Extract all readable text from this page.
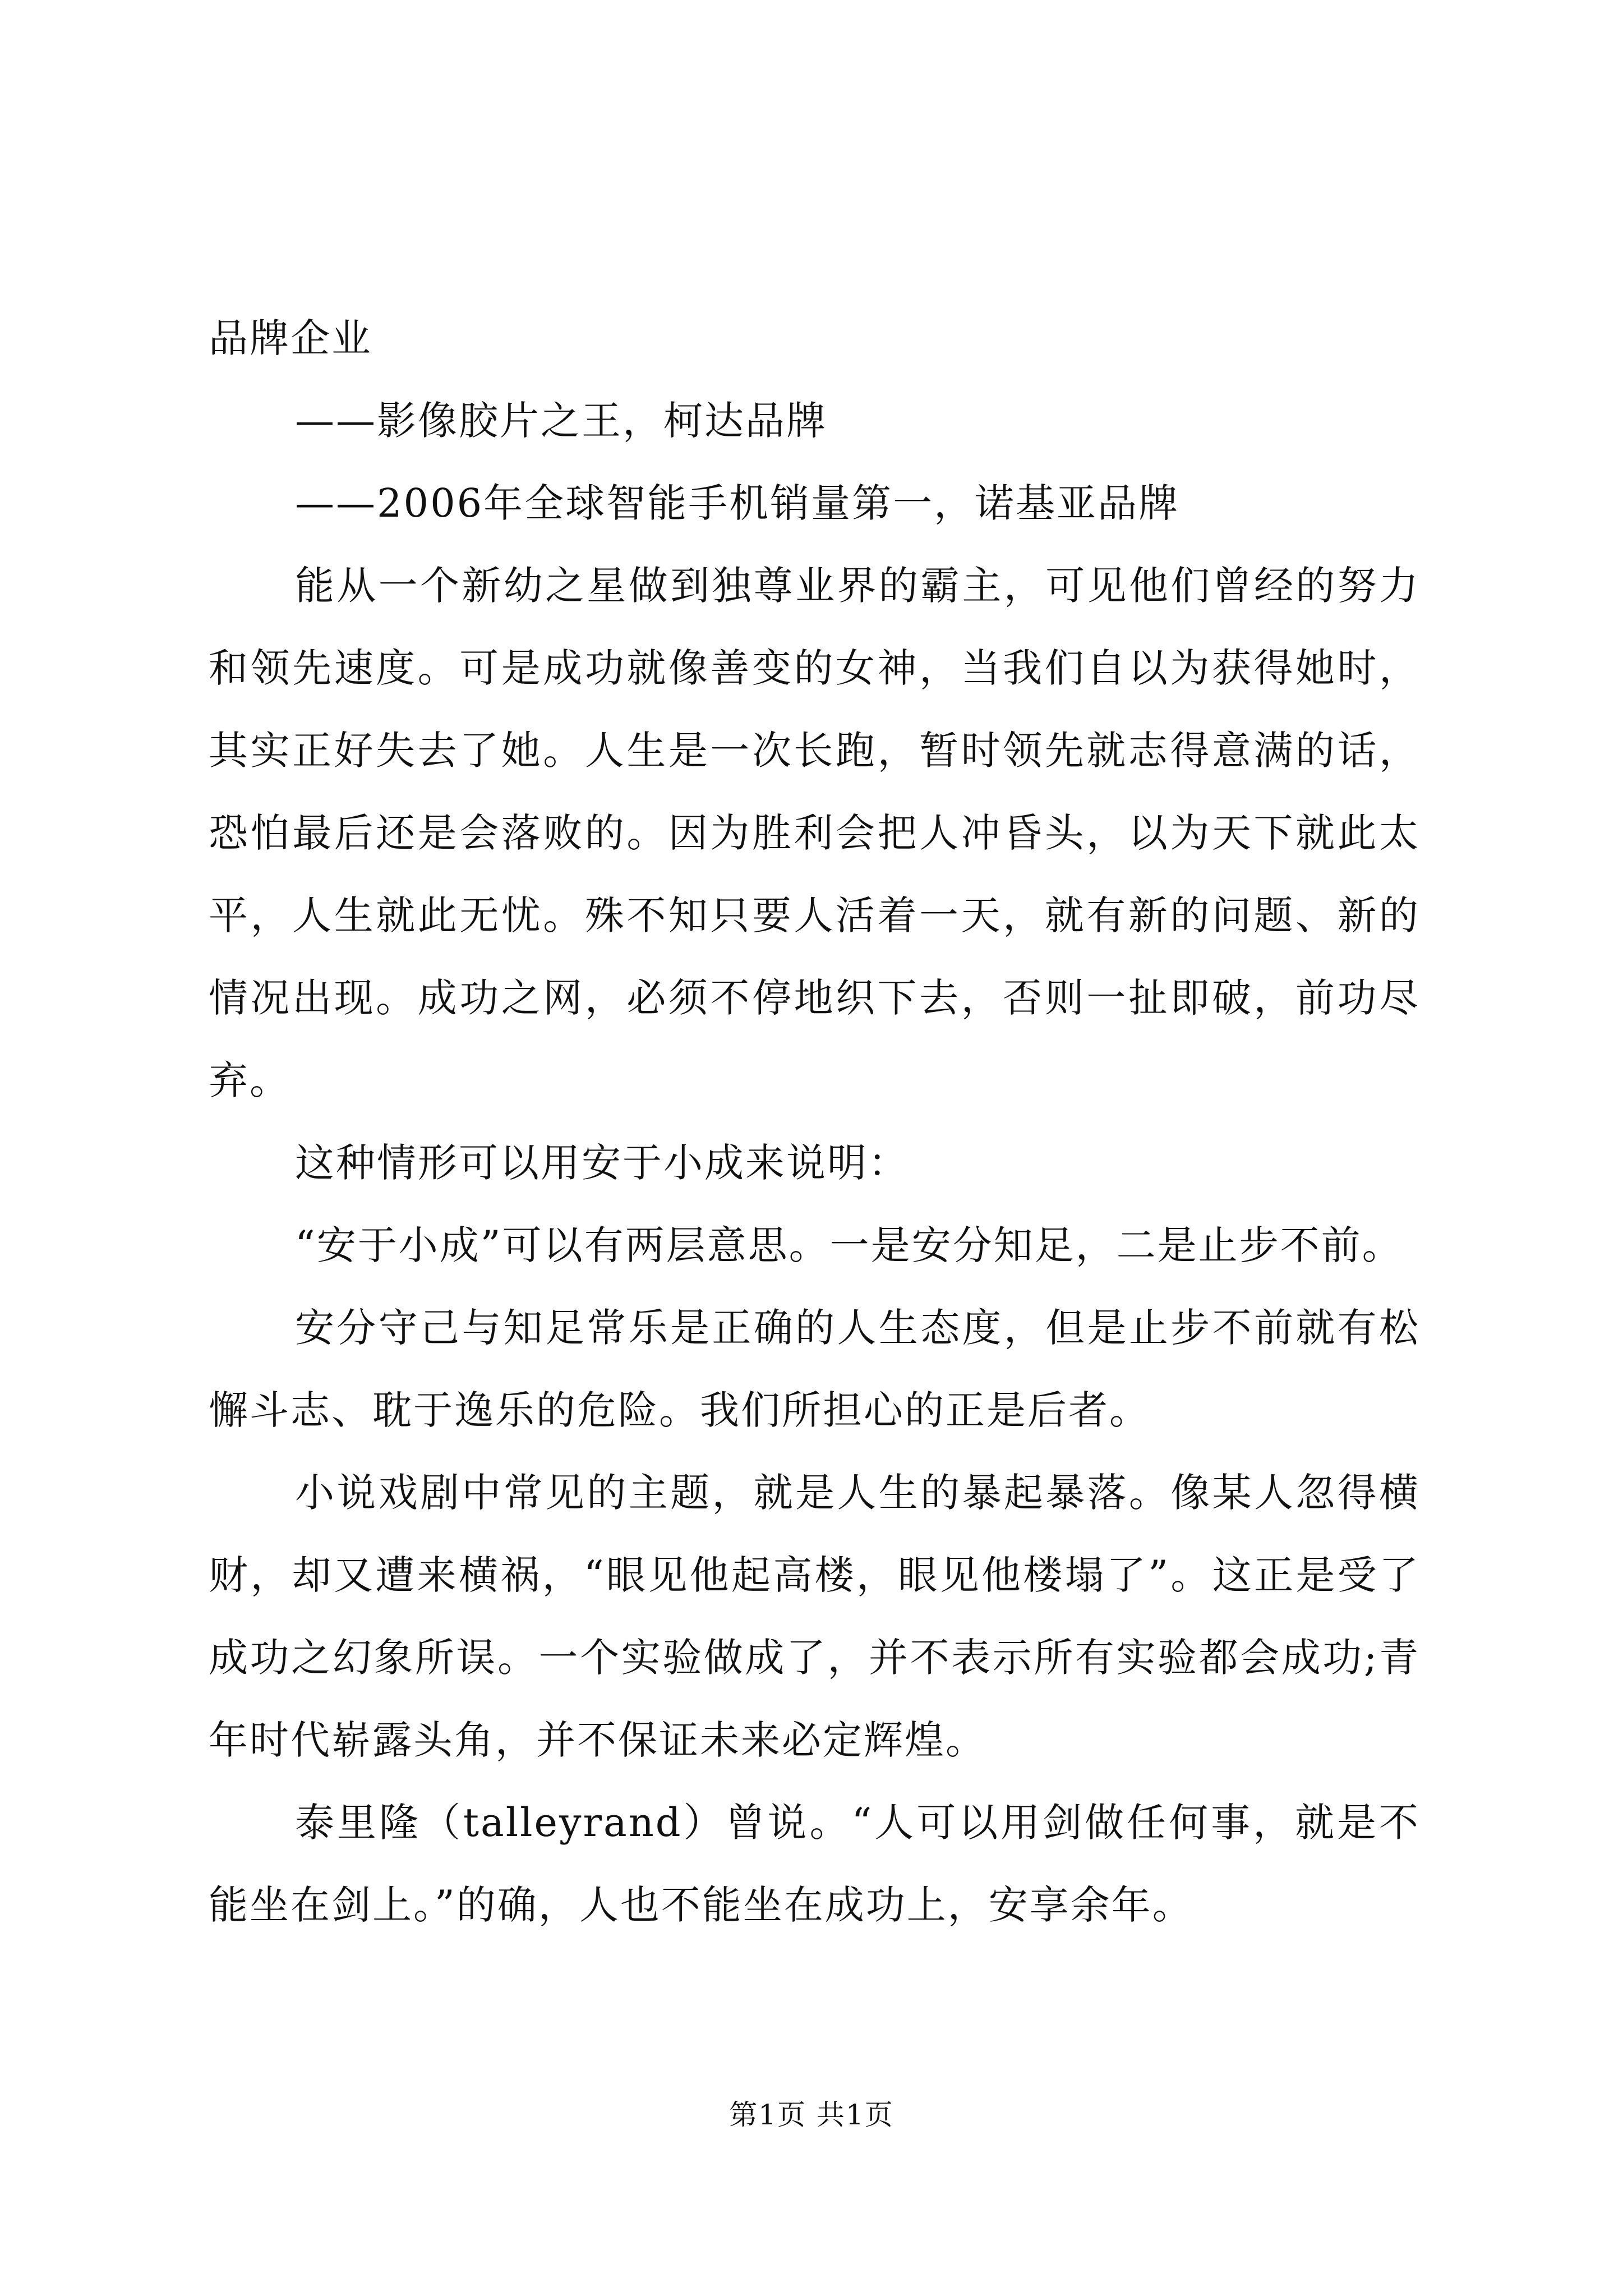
品牌企业

——影像胶片之王，柯达品牌

——2006年全球智能手机销量第一，诺基亚品牌

能从一个新幼之星做到独尊业界的霸主，可见他们曾经的努力和领先速度。可是成功就像善变的女神，当我们自以为获得她时，其实正好失去了她。人生是一次长跑，暂时领先就志得意满的话，恐怕最后还是会落败的。因为胜利会把人冲昏头，以为天下就此太平，人生就此无忧。殊不知只要人活着一天，就有新的问题、新的情况出现。成功之网，必须不停地织下去，否则一扯即破，前功尽弃。

这种情形可以用安于小成来说明：

“安于小成”可以有两层意思。一是安分知足，二是止步不前。

安分守己与知足常乐是正确的人生态度，但是止步不前就有松懈斗志、耽于逸乐的危险。我们所担心的正是后者。

小说戏剧中常见的主题，就是人生的暴起暴落。像某人忽得横财，却又遭来横祸，“眼见他起高楼，眼见他楼塌了”。这正是受了成功之幻象所误。一个实验做成了，并不表示所有实验都会成功;青年时代崭露头角，并不保证未来必定辉煌。

泰里隆（talleyrand）曾说。“人可以用剑做任何事，就是不能坐在剑上。”的确，人也不能坐在成功上，安享余年。

第1页 共1页
